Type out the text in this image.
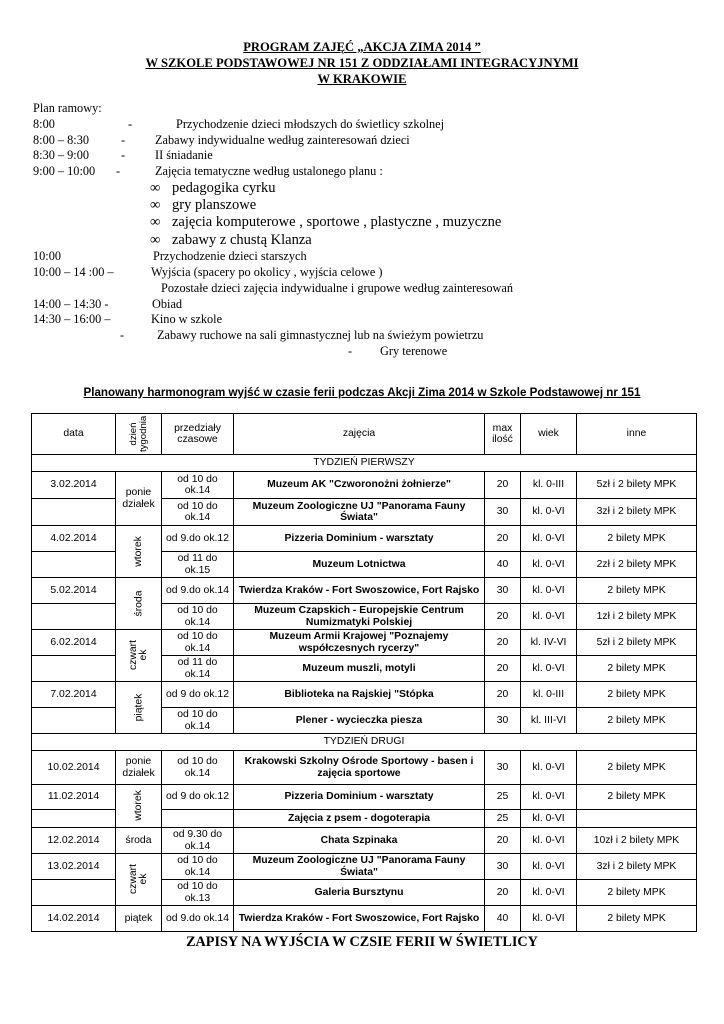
PROGRAM ZAJĘĆ „AKCJA ZIMA 2014 ”
W SZKOLE PODSTAWOWEJ NR 151 Z ODDZIAŁAMI INTEGRACYJNYMI
W KRAKOWIE
Plan ramowy:
8:00	-	Przychodzenie dzieci młodszych do świetlicy szkolnej
8:00 – 8:30	- Zabawy indywidualne według zainteresowań dzieci
8:30 – 9:00	- II śniadanie
9:00 – 10:00 -	Zajęcia tematyczne według ustalonego planu :
∞ pedagogika cyrku
∞ gry planszowe
∞ zajęcia komputerowe , sportowe , plastyczne , muzyczne
∞ zabawy z chustą Klanza
10:00	Przychodzenie dzieci starszych
10:00 – 14 :00 –	Wyjścia (spacery po okolicy , wyjścia celowe )
Pozostałe dzieci zajęcia indywidualne i grupowe według zainteresowań
14:00 – 14:30 -	Obiad
14:30 – 16:00 –	Kino w szkole
-	Zabawy ruchowe na sali gimnastycznej lub na świeżym powietrzu
- Gry terenowe
Planowany harmonogram wyjść w czasie ferii podczas Akcji Zima 2014 w Szkole Podstawowej nr 151
data	dzień tygodnia	przedziały czasowe	zajęcia	max ilość	wiek	inne
TYDZIEŃ PIERWSZY						
3.02.2014	ponie działek	od 10 do ok.14	Muzeum AK "Czworonożni żołnierze"	20	kl. 0-III	5zł i 2 bilety MPK
		od 10 do ok.14	Muzeum Zoologiczne UJ "Panorama Fauny Świata"	30	kl. 0-VI	3zł i 2 bilety MPK
4.02.2014	wtorek	od 9.do ok.12	Pizzeria Dominium - warsztaty	20	kl. 0-VI	2 bilety MPK
		od 11 do ok.15	Muzeum Lotnictwa	40	kl. 0-VI	2zł i 2 bilety MPK
5.02.2014	środa	od 9.do ok.14	Twierdza Kraków - Fort Swoszowice, Fort Rajsko	30	kl. 0-VI	2 bilety MPK
		od 10 do ok.14	Muzeum Czapskich - Europejskie Centrum Numizmatyki Polskiej	20	kl. 0-VI	1zł i 2 bilety MPK
6.02.2014	czwart ek	od 10 do ok.14	Muzeum Armii Krajowej "Poznajemy współczesnych rycerzy"	20	kl. IV-VI	5zł i 2 bilety MPK
		od 11 do ok.14	Muzeum muszli, motyli	20	kl. 0-VI	2 bilety MPK
7.02.2014	piątek	od 9 do ok.12	Biblioteka na Rajskiej "Stópka	20	kl. 0-III	2 bilety MPK
		od 10 do ok.14	Plener - wycieczka piesza	30	kl. III-VI	2 bilety MPK
TYDZIEŃ DRUGI						
10.02.2014	ponie działek	od 10 do ok.14	Krakowski Szkolny Ośrode Sportowy - basen i zajęcia sportowe	30	kl. 0-VI	2 bilety MPK
11.02.2014	wtorek	od 9 do ok.12	Pizzeria Dominium - warsztaty	25	kl. 0-VI	2 bilety MPK
			Zajęcia z psem - dogoterapia	25	kl. 0-VI	
12.02.2014	środa	od 9.30 do ok.14	Chata Szpinaka	20	kl. 0-VI	10zł i 2 bilety MPK
13.02.2014	czwart ek	od 10 do ok.14	Muzeum Zoologiczne UJ "Panorama Fauny Świata"	30	kl. 0-VI	3zł i 2 bilety MPK
		od 10 do ok.13	Galeria Bursztynu	20	kl. 0-VI	2 bilety MPK
14.02.2014	piątek	od 9.do ok.14	Twierdza Kraków - Fort Swoszowice, Fort Rajsko	40	kl. 0-VI	2 bilety MPK
ZAPISY NA WYJŚCIA W CZSIE FERII W ŚWIETLICY
